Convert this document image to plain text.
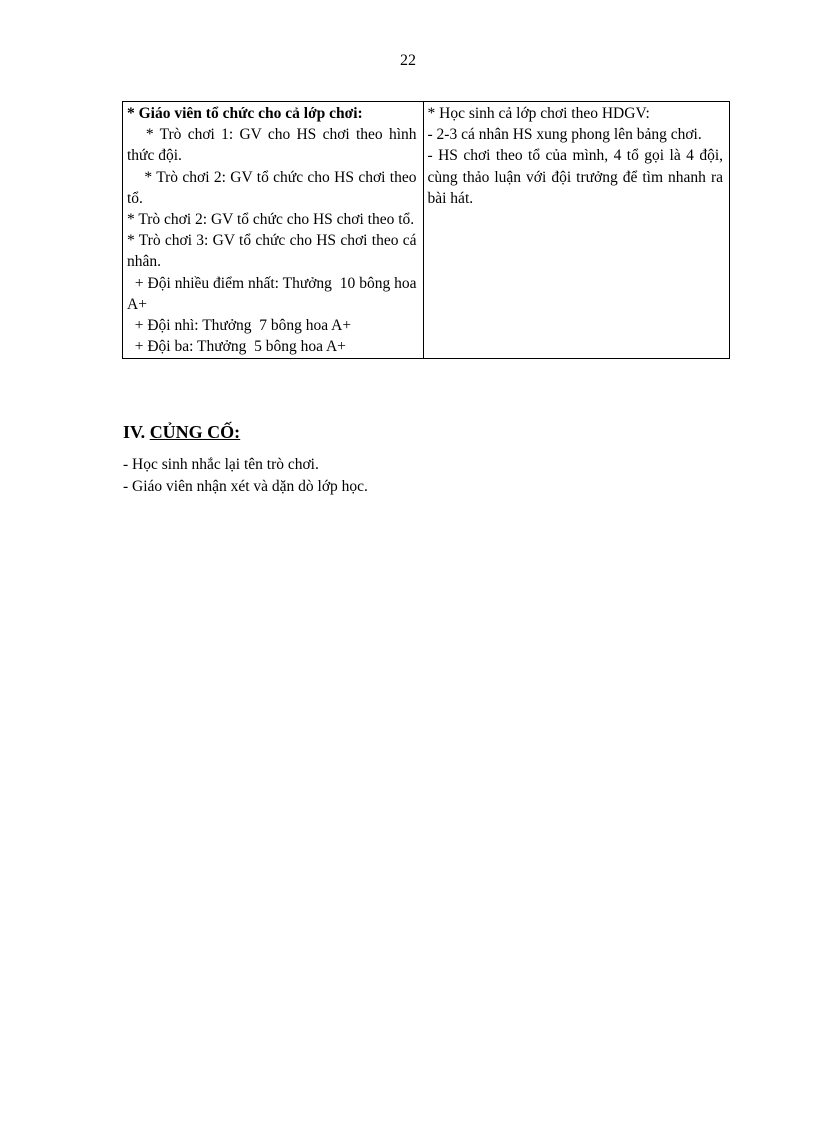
22
* Giáo viên tổ chức cho cả lớp chơi:
* Trò chơi 1: GV cho HS chơi theo hình thức đội.
* Trò chơi 2: GV tổ chức cho HS chơi theo tổ.
* Trò chơi 2: GV tổ chức cho HS chơi theo tổ.
* Trò chơi 3: GV tổ chức cho HS chơi theo cá nhân.
+ Đội nhiều điểm nhất: Thưởng  10 bông hoa A+
+ Đội nhì: Thưởng  7 bông hoa A+
+ Đội ba: Thưởng  5 bông hoa A+

* Học sinh cả lớp chơi theo HDGV:
- 2-3 cá nhân HS xung phong lên bảng chơi.
- HS chơi theo tổ của mình, 4 tổ gọi là 4 đội, cùng thảo luận với đội trưởng để tìm nhanh ra bài hát.
IV. CỦNG CỐ:
- Học sinh nhắc lại tên trò chơi.
- Giáo viên nhận xét và dặn dò lớp học.
